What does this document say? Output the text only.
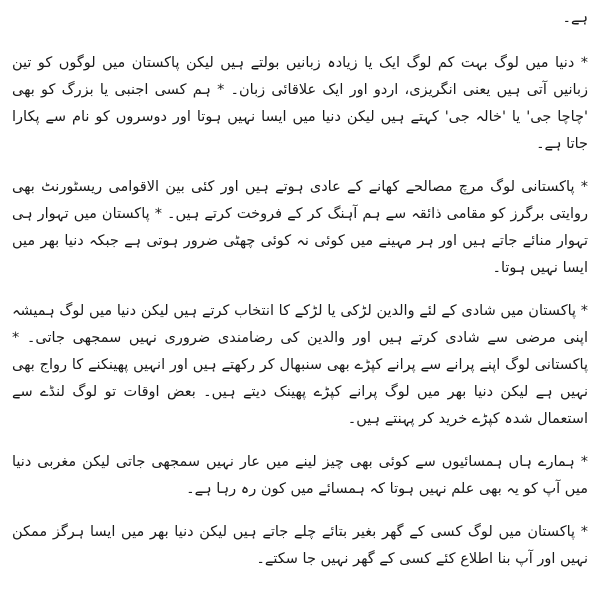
ہے۔

* دنیا میں لوگ بہت کم لوگ ایک یا زیادہ زبانیں بولتے ہیں لیکن پاکستان میں لوگوں کو تین زبانیں آتی ہیں یعنی انگریزی، اردو اور ایک علاقائی زبان۔ * ہم کسی اجنبی یا بزرگ کو بھی 'چاچا جی' یا 'خالہ جی' کہتے ہیں لیکن دنیا میں ایسا نہیں ہوتا اور دوسروں کو نام سے پکارا جاتا ہے۔

* پاکستانی لوگ مرچ مصالحے کھانے کے عادی ہوتے ہیں اور کئی بین الاقوامی ریسٹورنٹ بھی روایتی برگرز کو مقامی ذائقہ سے ہم آہنگ کر کے فروخت کرتے ہیں۔ * پاکستان میں تہوار ہی تہوار منائے جاتے ہیں اور ہر مہینے میں کوئی نہ کوئی چھٹی ضرور ہوتی ہے جبکہ دنیا بھر میں ایسا نہیں ہوتا۔

* پاکستان میں شادی کے لئے والدین لڑکی یا لڑکے کا انتخاب کرتے ہیں لیکن دنیا میں لوگ ہمیشہ اپنی مرضی سے شادی کرتے ہیں اور والدین کی رضامندی ضروری نہیں سمجھی جاتی۔ * پاکستانی لوگ اپنے پرانے سے پرانے کپڑے بھی سنبھال کر رکھتے ہیں اور انہیں پھینکنے کا رواج بھی نہیں ہے لیکن دنیا بھر میں لوگ پرانے کپڑے پھینک دیتے ہیں۔ بعض اوقات تو لوگ لنڈے سے استعمال شدہ کپڑے خرید کر پہنتے ہیں۔

* ہمارے ہاں ہمسائیوں سے کوئی بھی چیز لینے میں عار نہیں سمجھی جاتی لیکن مغربی دنیا میں آپ کو یہ بھی علم نہیں ہوتا کہ ہمسائے میں کون رہ رہا ہے۔

* پاکستان میں لوگ کسی کے گھر بغیر بتائے چلے جاتے ہیں لیکن دنیا بھر میں ایسا ہرگز ممکن نہیں اور آپ بنا اطلاع کئے کسی کے گھر نہیں جا سکتے۔
